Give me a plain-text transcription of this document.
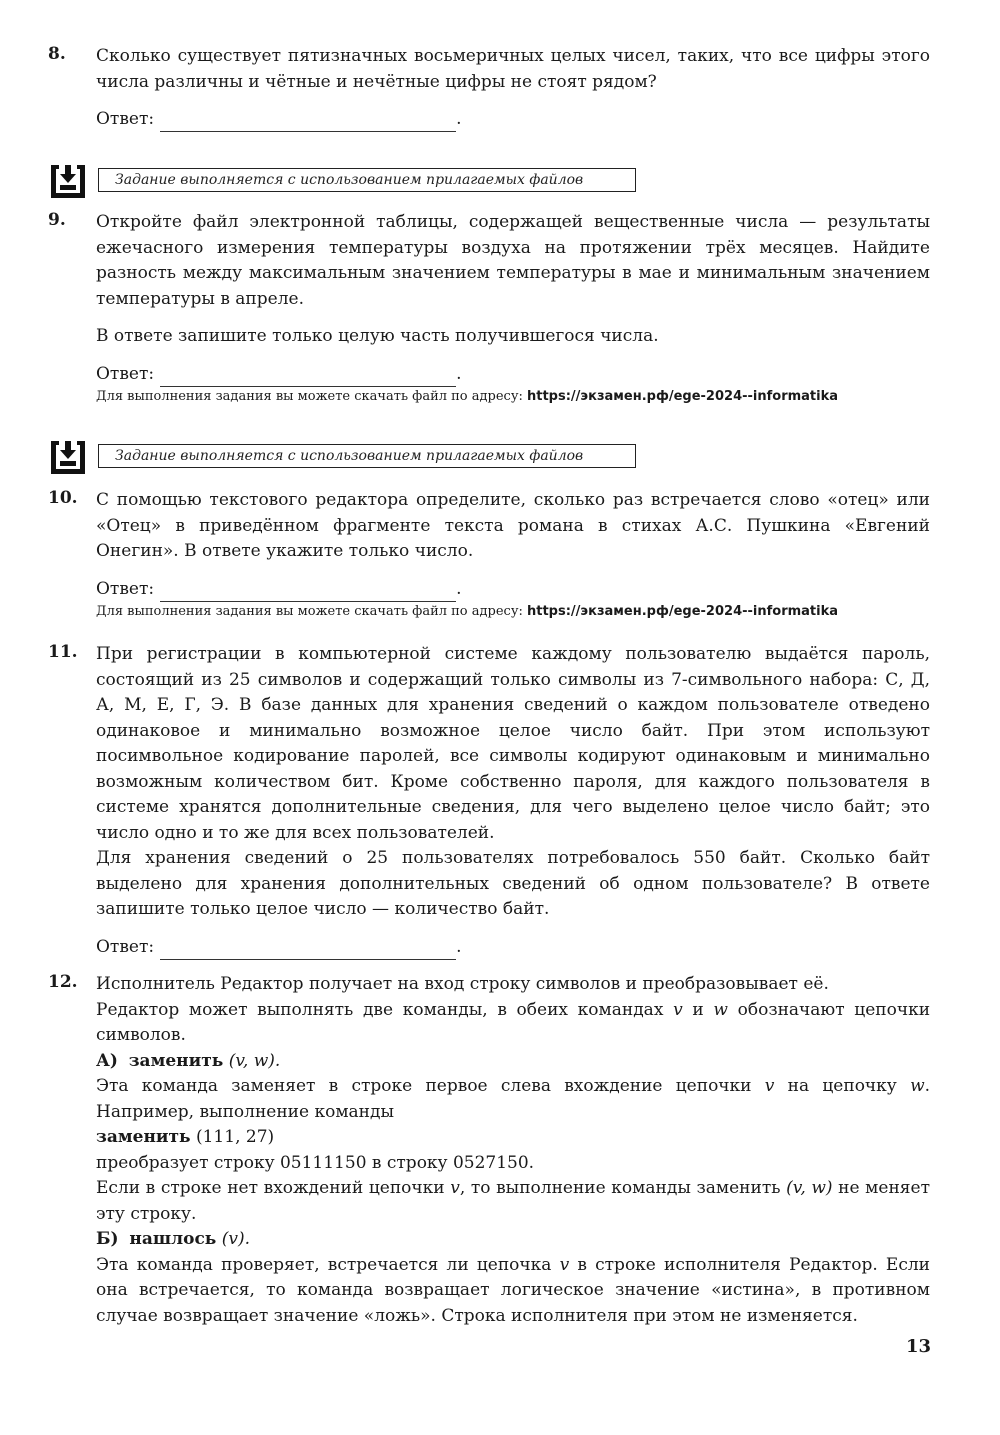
8. Сколько существует пятизначных восьмеричных целых чисел, таких, что все цифры этого числа различны и чётные и нечётные цифры не стоят рядом?

Ответ:	.
Задание выполняется с использованием прилагаемых файлов
9. Откройте файл электронной таблицы, содержащей вещественные числа — результаты ежечасного измерения температуры воздуха на протяжении трёх месяцев. Найдите разность между максимальным значением температуры в мае и минимальным значением температуры в апреле.

В ответе запишите только целую часть получившегося числа.

Ответ:	.
Для выполнения задания вы можете скачать файл по адресу: https://экзамен.рф/ege-2024--informatika
Задание выполняется с использованием прилагаемых файлов
10. С помощью текстового редактора определите, сколько раз встречается слово «отец» или «Отец» в приведённом фрагменте текста романа в стихах А.С. Пушкина «Евгений Онегин». В ответе укажите только число.

Ответ:	.
Для выполнения задания вы можете скачать файл по адресу: https://экзамен.рф/ege-2024--informatika
11. При регистрации в компьютерной системе каждому пользователю выдаётся пароль, состоящий из 25 символов и содержащий только символы из 7-символьного набора: С, Д, А, М, Е, Г, Э. В базе данных для хранения сведений о каждом пользователе отведено одинаковое и минимально возможное целое число байт. При этом используют посимвольное кодирование паролей, все символы кодируют одинаковым и минимально возможным количеством бит. Кроме собственно пароля, для каждого пользователя в системе хранятся дополнительные сведения, для чего выделено целое число байт; это число одно и то же для всех пользователей.

Для хранения сведений о 25 пользователях потребовалось 550 байт. Сколько байт выделено для хранения дополнительных сведений об одном пользователе? В ответе запишите только целое число — количество байт.

Ответ:	.
12. Исполнитель Редактор получает на вход строку символов и преобразовывает её.

Редактор может выполнять две команды, в обеих командах v и w обозначают цепочки символов.

А) заменить (v, w).

Эта команда заменяет в строке первое слева вхождение цепочки v на цепочку w. Например, выполнение команды

заменить (111, 27)

преобразует строку 05111150 в строку 0527150.

Если в строке нет вхождений цепочки v, то выполнение команды заменить (v, w) не меняет эту строку.

Б) нашлось (v).

Эта команда проверяет, встречается ли цепочка v в строке исполнителя Редактор. Если она встречается, то команда возвращает логическое значение «истина», в противном случае возвращает значение «ложь». Строка исполнителя при этом не изменяется.

13
